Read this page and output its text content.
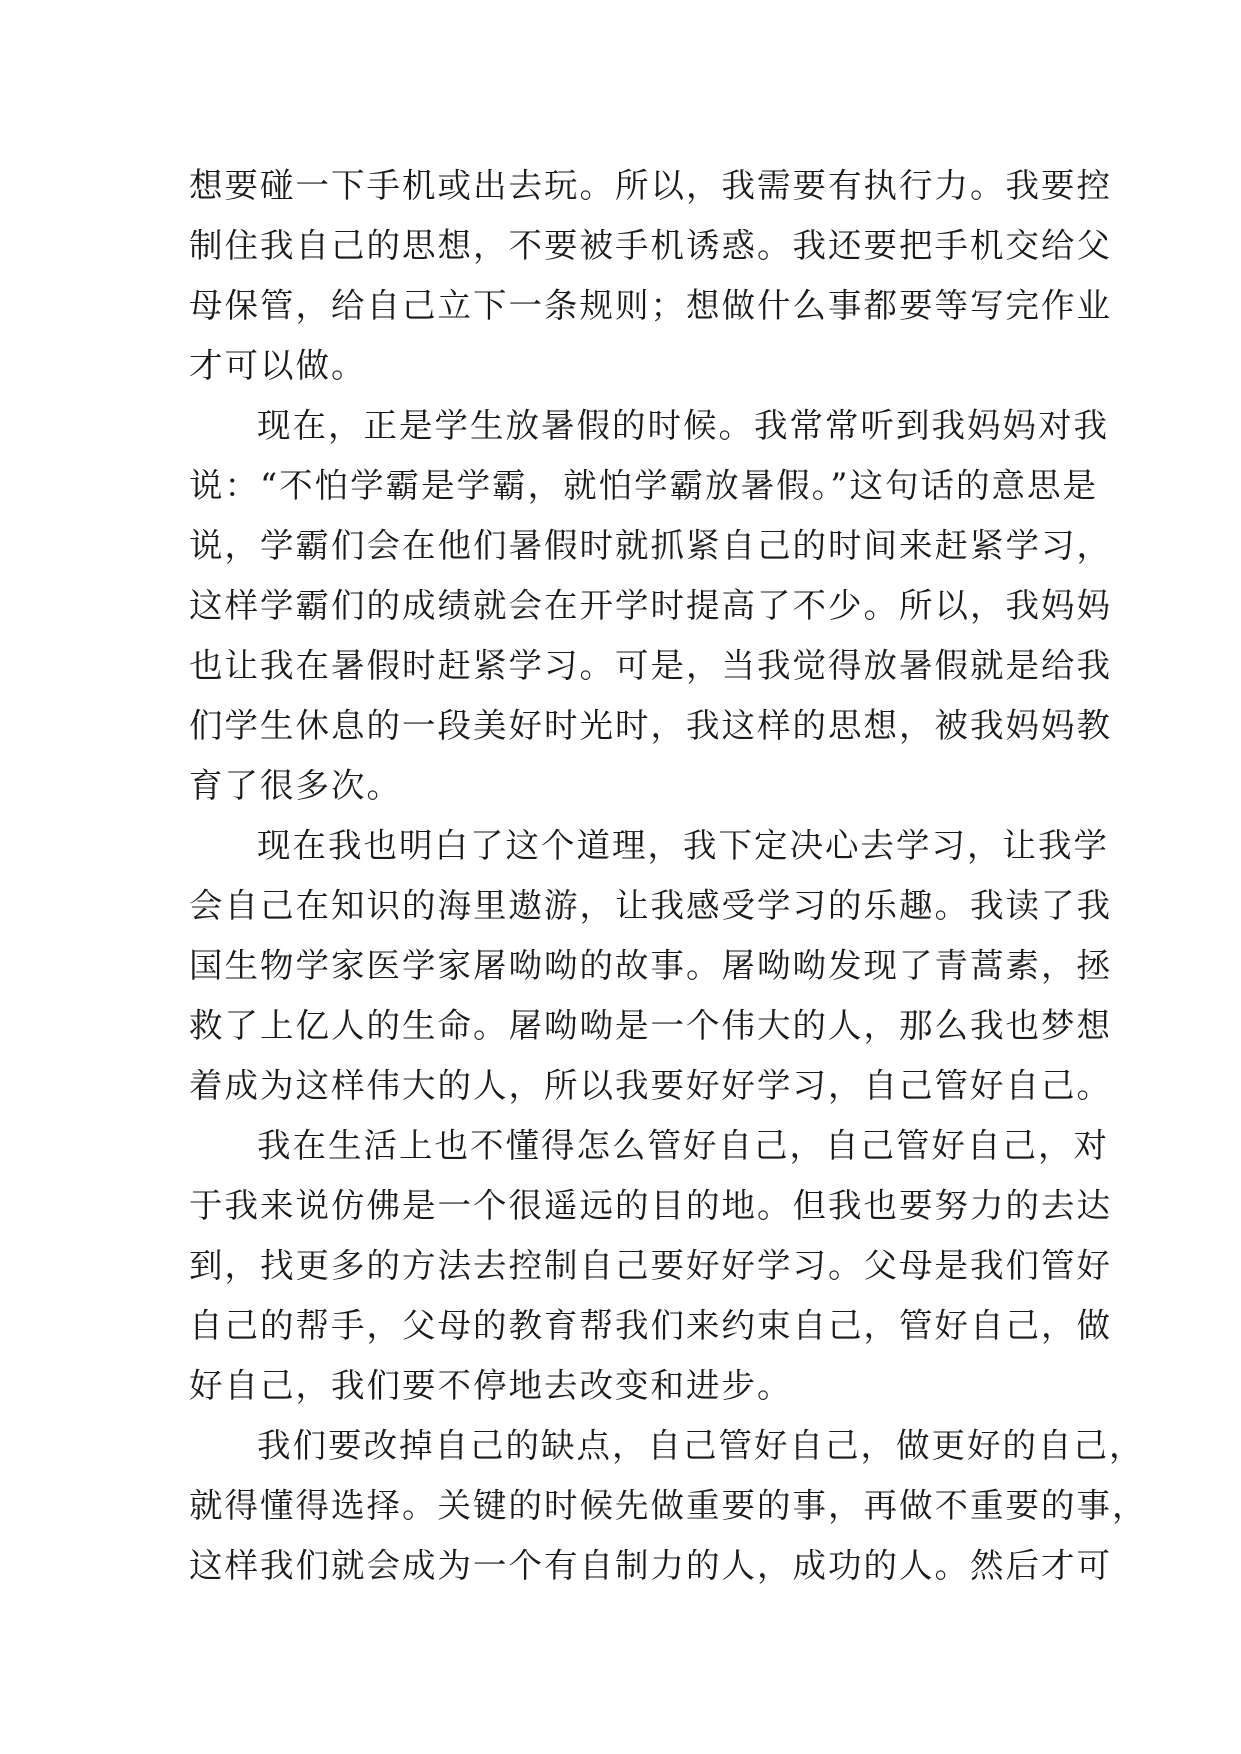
想要碰一下手机或出去玩。所以，我需要有执行力。我要控
制住我自己的思想，不要被手机诱惑。我还要把手机交给父
母保管，给自己立下一条规则；想做什么事都要等写完作业
才可以做。
现在，正是学生放暑假的时候。我常常听到我妈妈对我
说：“不怕学霸是学霸，就怕学霸放暑假。”这句话的意思是
说，学霸们会在他们暑假时就抓紧自己的时间来赶紧学习，
这样学霸们的成绩就会在开学时提高了不少。所以，我妈妈
也让我在暑假时赶紧学习。可是，当我觉得放暑假就是给我
们学生休息的一段美好时光时，我这样的思想，被我妈妈教
育了很多次。
现在我也明白了这个道理，我下定决心去学习，让我学
会自己在知识的海里遨游，让我感受学习的乐趣。我读了我
国生物学家医学家屠呦呦的故事。屠呦呦发现了青蒿素，拯
救了上亿人的生命。屠呦呦是一个伟大的人，那么我也梦想
着成为这样伟大的人，所以我要好好学习，自己管好自己。
我在生活上也不懂得怎么管好自己，自己管好自己，对
于我来说仿佛是一个很遥远的目的地。但我也要努力的去达
到，找更多的方法去控制自己要好好学习。父母是我们管好
自己的帮手，父母的教育帮我们来约束自己，管好自己，做
好自己，我们要不停地去改变和进步。
我们要改掉自己的缺点，自己管好自己，做更好的自己，
就得懂得选择。关键的时候先做重要的事，再做不重要的事，
这样我们就会成为一个有自制力的人，成功的人。然后才可
